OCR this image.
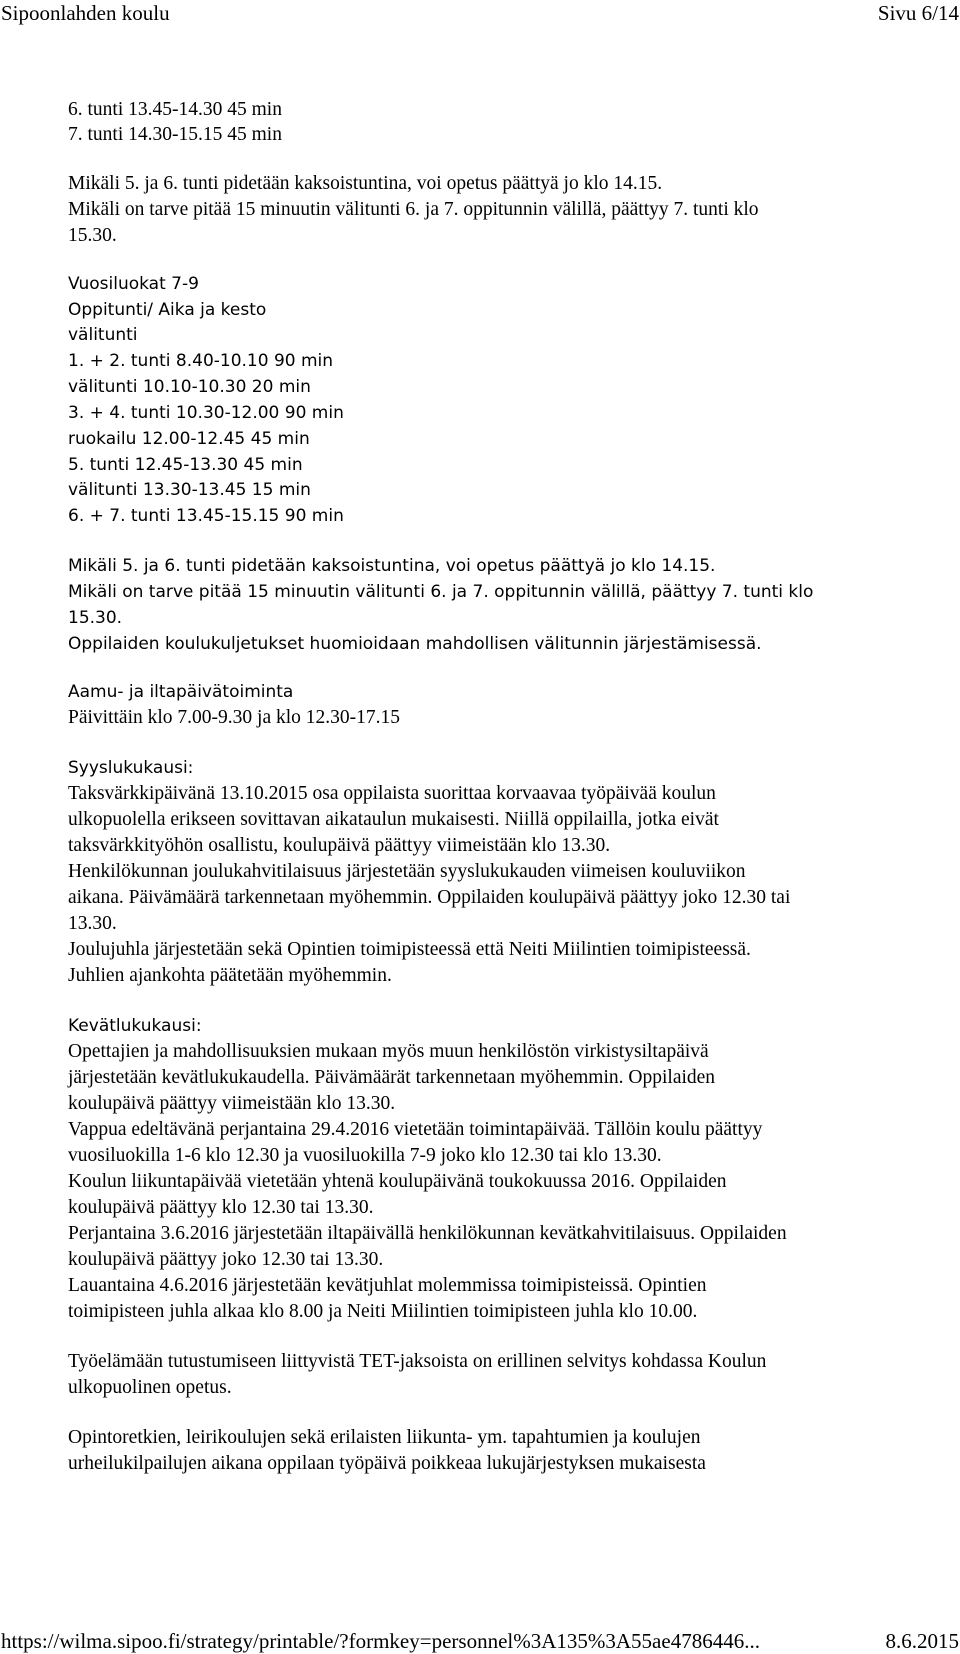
Sipoonlahden koulu	Sivu 6/14
6. tunti 13.45-14.30 45 min
7. tunti 14.30-15.15 45 min
Mikäli 5. ja 6. tunti pidetään kaksoistuntina, voi opetus päättyä jo klo 14.15.
Mikäli on tarve pitää 15 minuutin välitunti 6. ja 7. oppitunnin välillä, päättyy 7. tunti klo
15.30.
Vuosiluokat 7-9
Oppitunti/ Aika ja kesto
välitunti
1. + 2. tunti 8.40-10.10 90 min
välitunti 10.10-10.30 20 min
3. + 4. tunti 10.30-12.00 90 min
ruokailu 12.00-12.45 45 min
5. tunti 12.45-13.30 45 min
välitunti 13.30-13.45 15 min
6. + 7. tunti 13.45-15.15 90 min
Mikäli 5. ja 6. tunti pidetään kaksoistuntina, voi opetus päättyä jo klo 14.15.
Mikäli on tarve pitää 15 minuutin välitunti 6. ja 7. oppitunnin välillä, päättyy 7. tunti klo
15.30.
Oppilaiden koulukuljetukset huomioidaan mahdollisen välitunnin järjestämisessä.
Aamu- ja iltapäivätoiminta
Päivittäin klo 7.00-9.30 ja klo 12.30-17.15
Syyslukukausi:
Taksvärkkipäivänä 13.10.2015 osa oppilaista suorittaa korvaavaa työpäivää koulun
ulkopuolella erikseen sovittavan aikataulun mukaisesti. Niillä oppilailla, jotka eivät
taksvärkkityöhön osallistu, koulupäivä päättyy viimeistään klo 13.30.
Henkilökunnan joulukahvitilaisuus järjestetään syyslukukauden viimeisen kouluviikon
aikana. Päivämäärä tarkennetaan myöhemmin. Oppilaiden koulupäivä päättyy joko 12.30 tai
13.30.
Joulujuhla järjestetään sekä Opintien toimipisteessä että Neiti Miilintien toimipisteessä.
Juhlien ajankohta päätetään myöhemmin.
Kevätlukukausi:
Opettajien ja mahdollisuuksien mukaan myös muun henkilöstön virkistysiltapäivä
järjestetään kevätlukukaudella. Päivämäärät tarkennetaan myöhemmin. Oppilaiden
koulupäivä päättyy viimeistään klo 13.30.
Vappua edeltävänä perjantaina 29.4.2016 vietetään toimintapäivää. Tällöin koulu päättyy
vuosiluokilla 1-6 klo 12.30 ja vuosiluokilla 7-9 joko klo 12.30 tai klo 13.30.
Koulun liikuntapäivää vietetään yhtenä koulupäivänä toukokuussa 2016. Oppilaiden
koulupäivä päättyy klo 12.30 tai 13.30.
Perjantaina 3.6.2016 järjestetään iltapäivällä henkilökunnan kevätkahvitilaisuus. Oppilaiden
koulupäivä päättyy joko 12.30 tai 13.30.
Lauantaina 4.6.2016 järjestetään kevätjuhlat molemmissa toimipisteissä. Opintien
toimipisteen juhla alkaa klo 8.00 ja Neiti Miilintien toimipisteen juhla klo 10.00.
Työelämään tutustumiseen liittyvistä TET-jaksoista on erillinen selvitys kohdassa Koulun
ulkopuolinen opetus.
Opintoretkien, leirikoulujen sekä erilaisten liikunta- ym. tapahtumien ja koulujen
urheilukilpailujen aikana oppilaan työpäivä poikkeaa lukujärjestyksen mukaisesta
https://wilma.sipoo.fi/strategy/printable/?formkey=personnel%3A135%3A55ae4786446...	8.6.2015
